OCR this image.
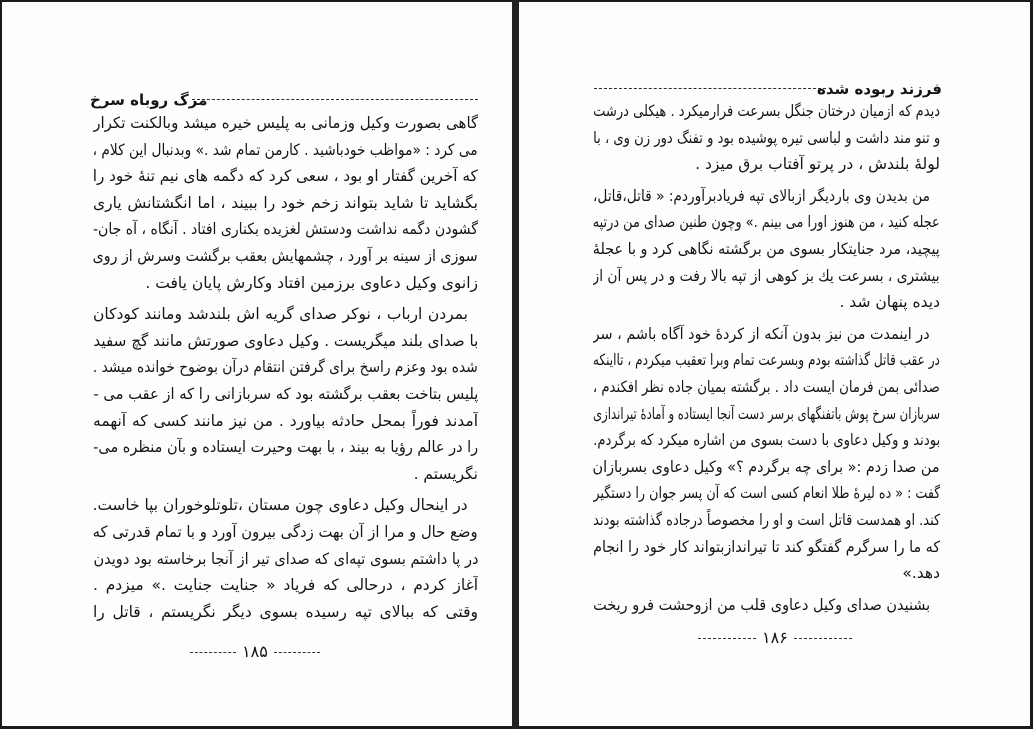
مرگ روباه سرخ
گاهی بصورت وکیل وزمانی به پلیس خیره میشد وبالکنت تکرار
می کرد : «مواظب خودباشید . کارمن تمام شد .» وبدنبال این کلام ،
که آخرین گفتار او بود ، سعی کرد که دگمه های نیم تنهٔ خود را
بگشاید تا شاید بتواند زخم خود را ببیند ، اما انگشتانش یاری
گشودن دگمه نداشت ودستش لغزیده بکناری افتاد . آنگاه ، آه جان-
سوزی از سینه بر آورد ، چشمهایش بعقب برگشت وسرش از روی
زانوی وکیل دعاوی برزمین افتاد وکارش پایان یافت .
بمردن ارباب ، نوکر صدای گریه اش بلندشد ومانند کودکان
با صدای بلند میگریست . وکیل دعاوی صورتش مانند گچ سفید
شده بود وعزم راسخ برای گرفتن انتقام درآن بوضوح خوانده میشد .
پلیس بتاخت بعقب برگشته بود که سربازانی را که از عقب می -
آمدند فوراً بمحل حادثه بیاورد . من نیز مانند کسی که آنهمه
را در عالم رؤیا به بیند ، با بهت وحیرت ایستاده و بآن منظره می-
نگریستم .
در اینحال وکیل دعاوی چون مستان ،تلوتلوخوران بپا خاست.
وضع حال و مرا از آن بهت زدگی بیرون آورد و با تمام قدرتی که
در پا داشتم بسوی تپه‌ای که صدای تیر از آنجا برخاسته بود دویدن
آغاز کردم ، درحالی که فریاد « جنایت جنایت .» میزدم .
وقتی که ببالای تپه رسیده بسوی دیگر نگریستم ، قاتل را
۱۸۵
فرزند ربوده شده
دیدم که ازمیان درختان جنگل بسرعت فرارمیکرد . هیکلی درشت
و تنو مند داشت و لباسی تیره پوشیده بود و تفنگ دور زن وی ، با
لولهٔ بلندش ، در پرتو آفتاب برق میزد .
من بدیدن وی باردیگر ازبالای تپه فریادبرآوردم: « قاتل،قاتل،
عجله کنید ، من هنوز اورا می بینم .» وچون طنین صدای من درتپه
پیچید، مرد جنایتکار بسوی من برگشته نگاهی کرد و با عجلهٔ
بیشتری ، بسرعت یك بز كوهی از تپه بالا رفت و در پس آن از
دیده پنهان شد .
در اینمدت من نیز بدون آنکه از کردهٔ خود آگاه باشم ، سر
در عقب قاتل گذاشته بودم وبسرعت تمام وبرا تعقیب میکردم ، تااینکه
صدائی بمن فرمان ایست داد . برگشته بمیان جاده نظر افکندم ،
سربازان سرخ پوش باتفنگهای برسر دست آنجا ایستاده و آمادهٔ تیراندازی
بودند و وکیل دعاوی با دست بسوی من اشاره میکرد که برگردم.
من صدا زدم :« برای چه برگردم ؟» وکیل دعاوی بسربازان
گفت : « ده لیرهٔ طلا انعام کسی است که آن پسر جوان را دستگیر
کند. او همدست قاتل است و او را مخصوصاً درجاده گذاشته بودند
که ما را سرگرم گفتگو کند تا تیراندازبتواند کار خود را انجام
دهد.»
بشنیدن صدای وکیل دعاوی قلب من ازوحشت فرو ریخت
۱۸۶
